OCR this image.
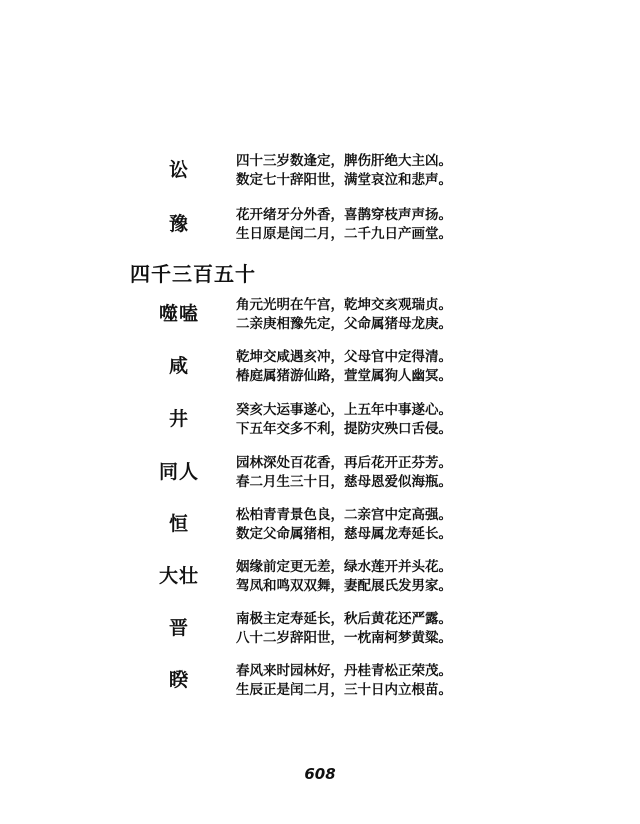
讼	四十三岁数逢定，脾伤肝绝大主凶。
数定七十辞阳世，满堂哀泣和悲声。
豫	花开绪牙分外香，喜鹊穿枝声声扬。
生日原是闰二月，二千九日产画堂。
四千三百五十
噬嗑	角元光明在午宫，乾坤交亥观瑞贞。
二亲庚相豫先定，父命属猪母龙庚。
咸	乾坤交咸遇亥冲，父母官中定得清。
椿庭属猪游仙路，萱堂属狗人幽冥。
井	癸亥大运事遂心，上五年中事遂心。
下五年交多不利，提防灾殃口舌侵。
同人	园林深处百花香，再后花开正芬芳。
春二月生三十日，慈母恩爱似海瓶。
恒	松柏青青景色良，二亲宫中定高强。
数定父命属猪相，慈母属龙寿延长。
大壮	姻缘前定更无差，绿水莲开并头花。
驾凤和鸣双双舞，妻配展氏发男家。
晋	南极主定寿延长，秋后黄花还严露。
八十二岁辞阳世，一枕南柯梦黄粱。
睽	春风来时园林好，丹桂青松正荣茂。
生辰正是闰二月，三十日内立根苗。
608
